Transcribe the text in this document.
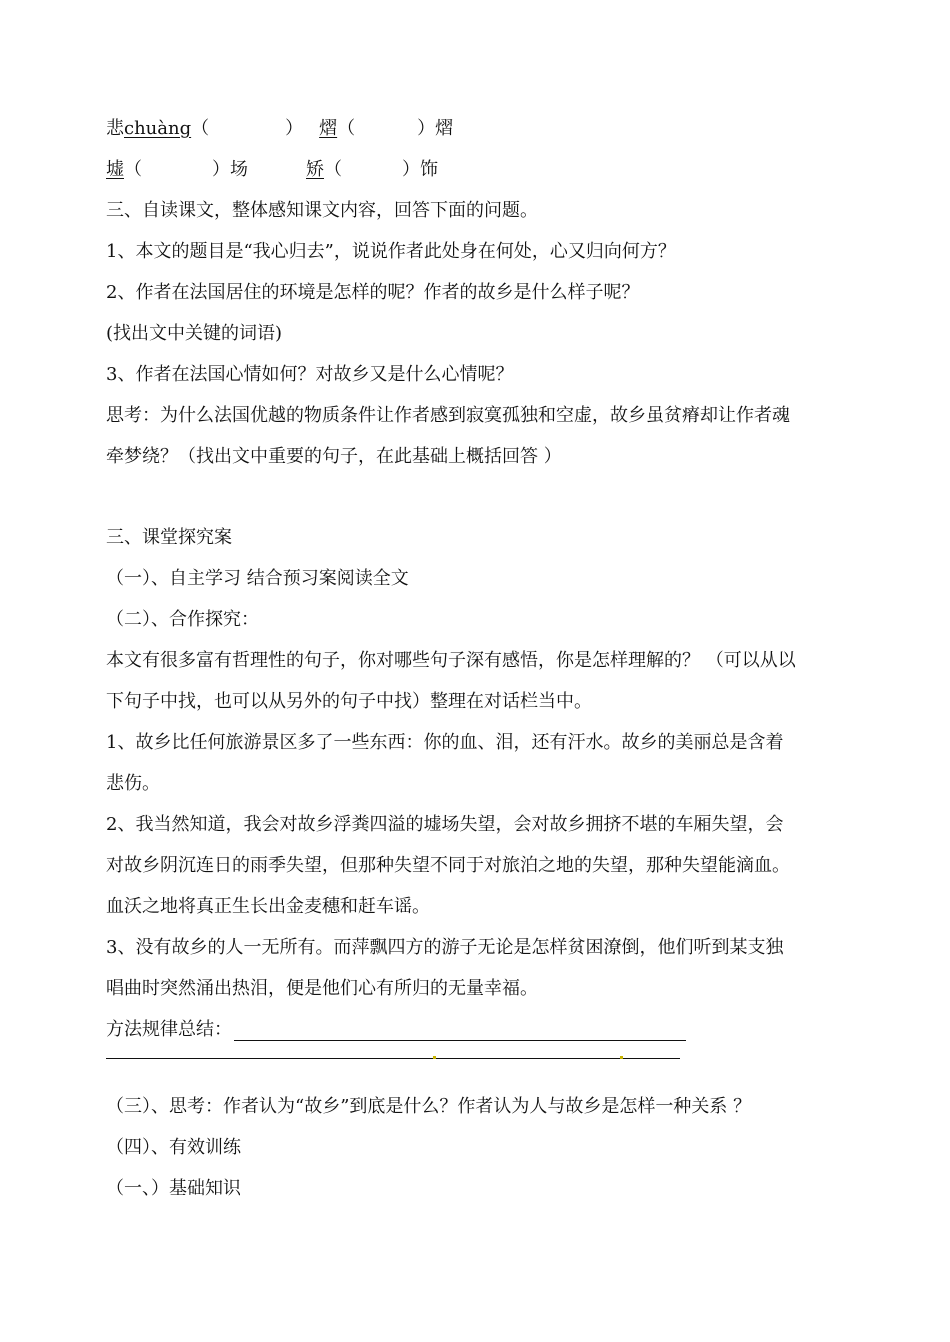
悲chuàng（	） 熠（	）熠
墟（	）场	矫（	）饰
三、自读课文，整体感知课文内容，回答下面的问题。
1、本文的题目是“我心归去”，说说作者此处身在何处，心又归向何方？
2、作者在法国居住的环境是怎样的呢？作者的故乡是什么样子呢？
(找出文中关键的词语)
3、作者在法国心情如何？对故乡又是什么心情呢？
思考：为什么法国优越的物质条件让作者感到寂寞孤独和空虚，故乡虽贫瘠却让作者魂
牵梦绕？（找出文中重要的句子，在此基础上概括回答 ）
三、课堂探究案
（一）、自主学习 结合预习案阅读全文
（二）、合作探究：
本文有很多富有哲理性的句子，你对哪些句子深有感悟，你是怎样理解的？ （可以从以
下句子中找，也可以从另外的句子中找）整理在对话栏当中。
1、故乡比任何旅游景区多了一些东西：你的血、泪，还有汗水。故乡的美丽总是含着
悲伤。
2、我当然知道，我会对故乡浮粪四溢的墟场失望，会对故乡拥挤不堪的车厢失望，会
对故乡阴沉连日的雨季失望，但那种失望不同于对旅泊之地的失望，那种失望能滴血。
血沃之地将真正生长出金麦穗和赶车谣。
3、没有故乡的人一无所有。而萍飘四方的游子无论是怎样贫困潦倒，他们听到某支独
唱曲时突然涌出热泪，便是他们心有所归的无量幸福。
方法规律总结：
（三）、思考：作者认为“故乡”到底是什么？作者认为人与故乡是怎样一种关系 ？
（四）、有效训练
（一、）基础知识
